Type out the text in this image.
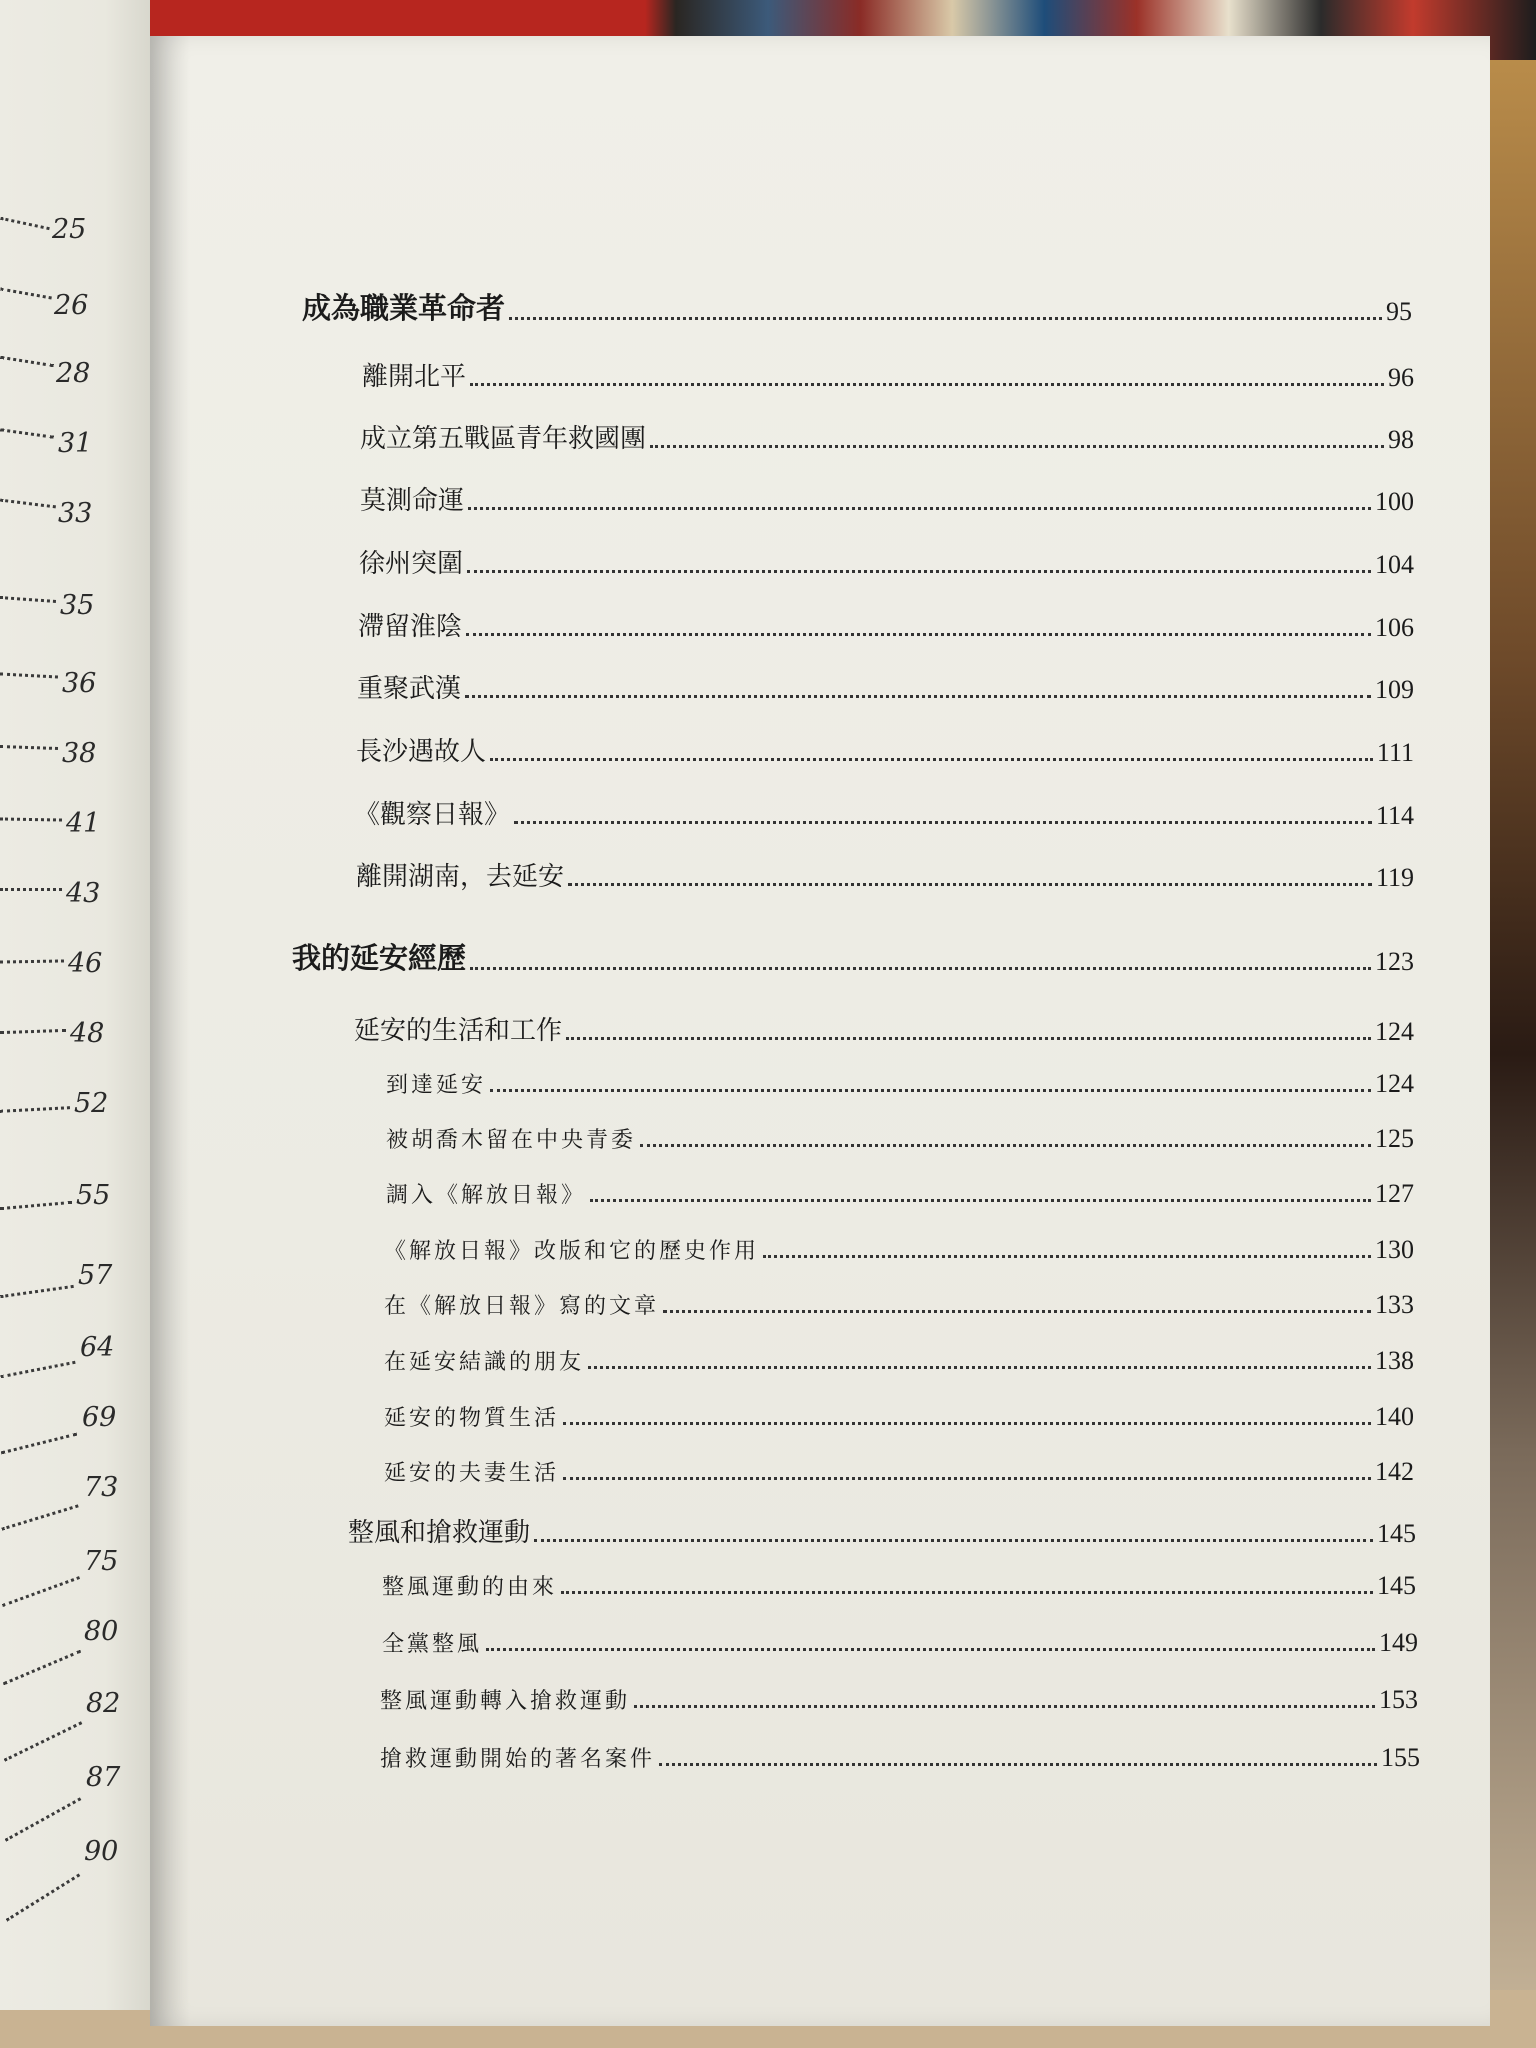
25
26
28
31
33
35
36
38
41
43
46
48
52
55
57
64
69
73
75
80
82
87
90
成為職業革命者	95
離開北平	96
成立第五戰區青年救國團	98
莫測命運	100
徐州突圍	104
滯留淮陰	106
重聚武漢	109
長沙遇故人	111
《觀察日報》	114
離開湖南，去延安	119
我的延安經歷	123
延安的生活和工作	124
到達延安	124
被胡喬木留在中央青委	125
調入《解放日報》	127
《解放日報》改版和它的歷史作用	130
在《解放日報》寫的文章	133
在延安結識的朋友	138
延安的物質生活	140
延安的夫妻生活	142
整風和搶救運動	145
整風運動的由來	145
全黨整風	149
整風運動轉入搶救運動	153
搶救運動開始的著名案件	155
